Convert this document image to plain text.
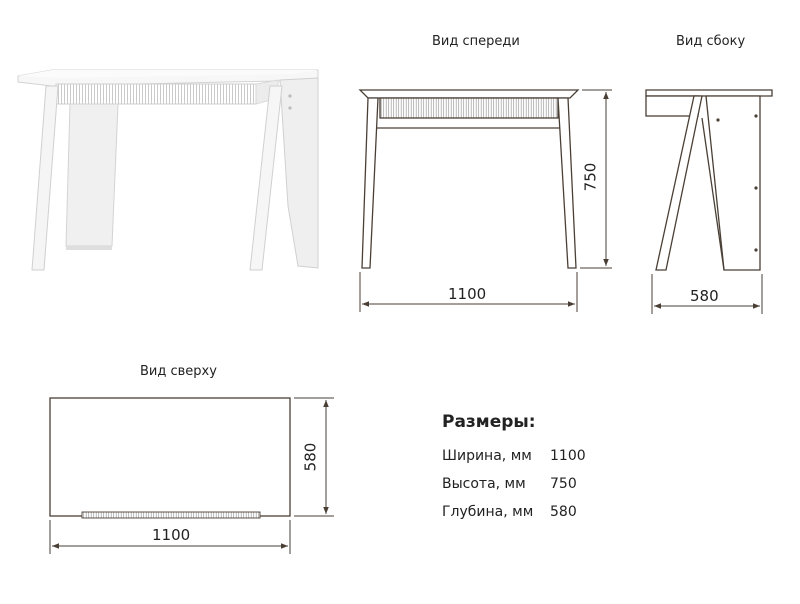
Вид спереди	Вид сбоку
Вид сверху
1100
750
580
1100
580
Размеры:
Ширина, мм 1100
Высота, мм 750
Глубина, мм 580
